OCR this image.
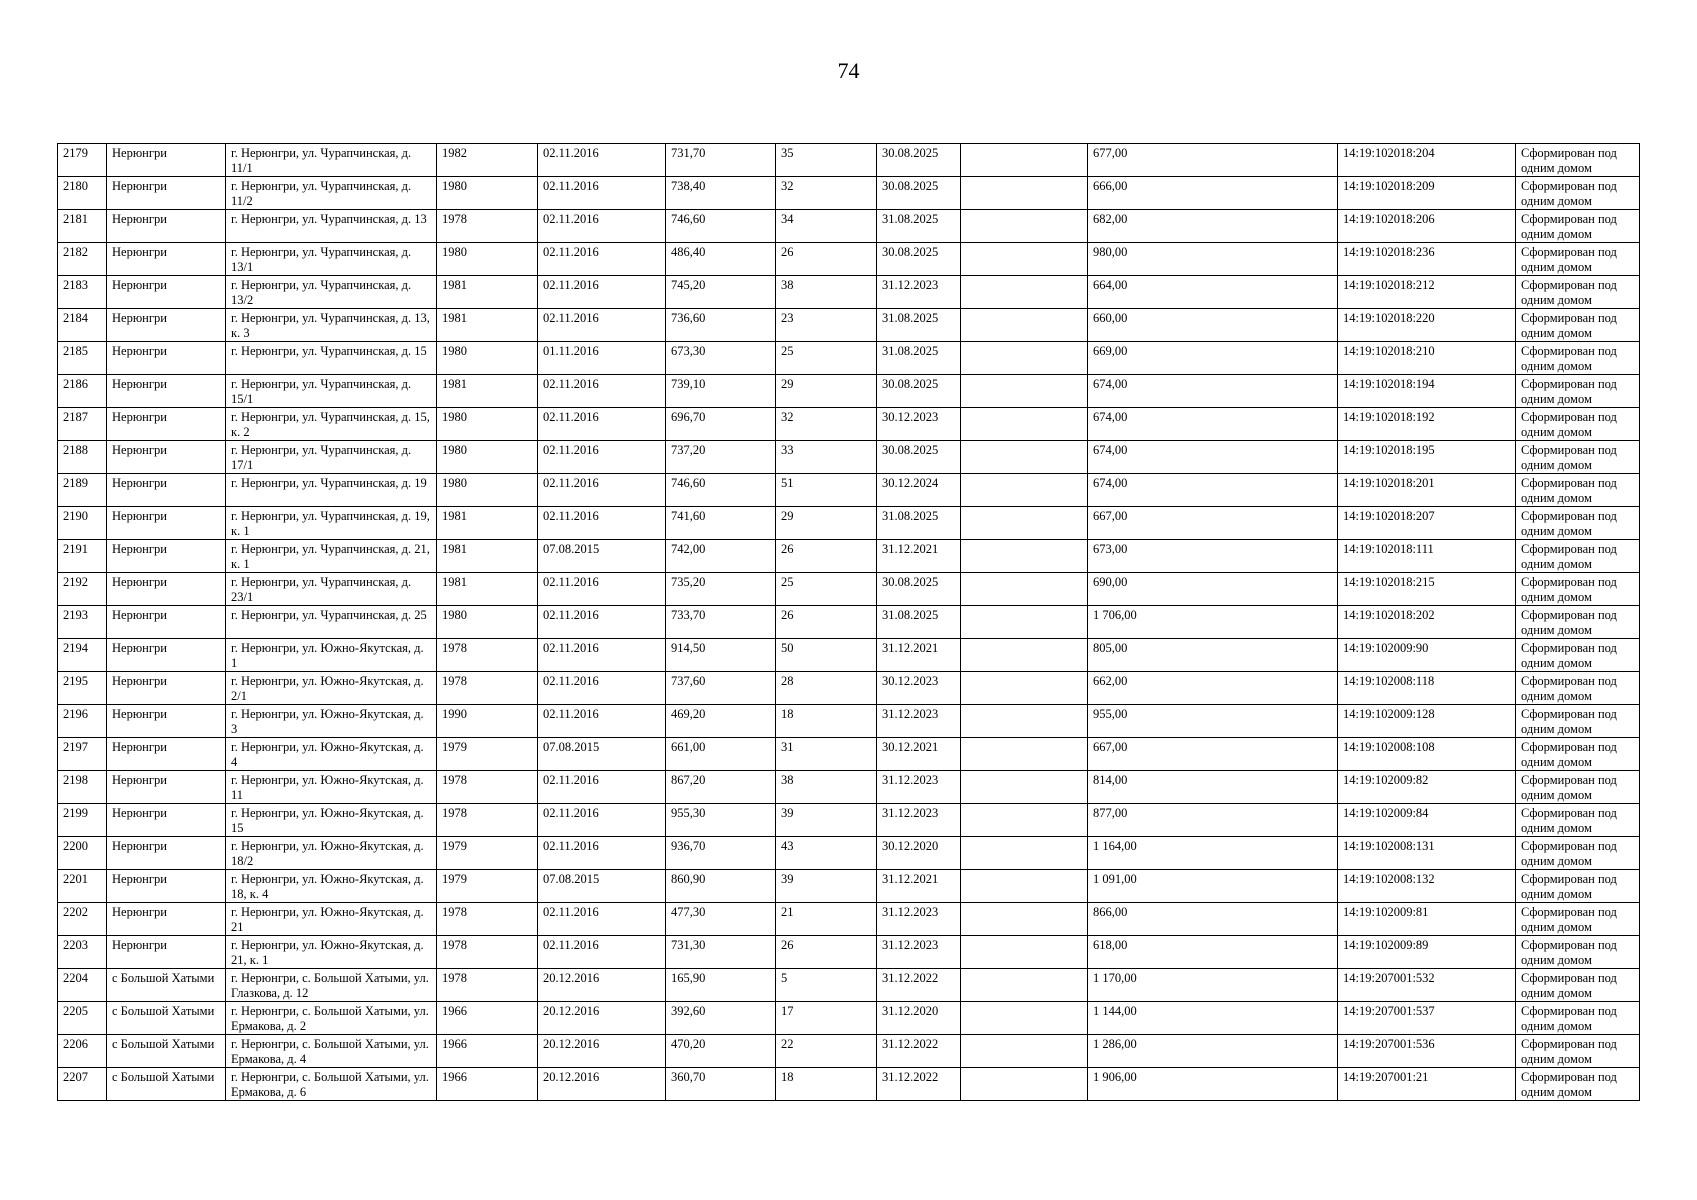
74
2179	Нерюнгри	г. Нерюнгри, ул. Чурапчинская, д. 11/1	1982	02.11.2016	731,70	35	30.08.2025		677,00	14:19:102018:204	Сформирован под одним домом
2180	Нерюнгри	г. Нерюнгри, ул. Чурапчинская, д. 11/2	1980	02.11.2016	738,40	32	30.08.2025		666,00	14:19:102018:209	Сформирован под одним домом
2181	Нерюнгри	г. Нерюнгри, ул. Чурапчинская, д. 13	1978	02.11.2016	746,60	34	31.08.2025		682,00	14:19:102018:206	Сформирован под одним домом
2182	Нерюнгри	г. Нерюнгри, ул. Чурапчинская, д. 13/1	1980	02.11.2016	486,40	26	30.08.2025		980,00	14:19:102018:236	Сформирован под одним домом
2183	Нерюнгри	г. Нерюнгри, ул. Чурапчинская, д. 13/2	1981	02.11.2016	745,20	38	31.12.2023		664,00	14:19:102018:212	Сформирован под одним домом
2184	Нерюнгри	г. Нерюнгри, ул. Чурапчинская, д. 13, к. 3	1981	02.11.2016	736,60	23	31.08.2025		660,00	14:19:102018:220	Сформирован под одним домом
2185	Нерюнгри	г. Нерюнгри, ул. Чурапчинская, д. 15	1980	01.11.2016	673,30	25	31.08.2025		669,00	14:19:102018:210	Сформирован под одним домом
2186	Нерюнгри	г. Нерюнгри, ул. Чурапчинская, д. 15/1	1981	02.11.2016	739,10	29	30.08.2025		674,00	14:19:102018:194	Сформирован под одним домом
2187	Нерюнгри	г. Нерюнгри, ул. Чурапчинская, д. 15, к. 2	1980	02.11.2016	696,70	32	30.12.2023		674,00	14:19:102018:192	Сформирован под одним домом
2188	Нерюнгри	г. Нерюнгри, ул. Чурапчинская, д. 17/1	1980	02.11.2016	737,20	33	30.08.2025		674,00	14:19:102018:195	Сформирован под одним домом
2189	Нерюнгри	г. Нерюнгри, ул. Чурапчинская, д. 19	1980	02.11.2016	746,60	51	30.12.2024		674,00	14:19:102018:201	Сформирован под одним домом
2190	Нерюнгри	г. Нерюнгри, ул. Чурапчинская, д. 19, к. 1	1981	02.11.2016	741,60	29	31.08.2025		667,00	14:19:102018:207	Сформирован под одним домом
2191	Нерюнгри	г. Нерюнгри, ул. Чурапчинская, д. 21, к. 1	1981	07.08.2015	742,00	26	31.12.2021		673,00	14:19:102018:111	Сформирован под одним домом
2192	Нерюнгри	г. Нерюнгри, ул. Чурапчинская, д. 23/1	1981	02.11.2016	735,20	25	30.08.2025		690,00	14:19:102018:215	Сформирован под одним домом
2193	Нерюнгри	г. Нерюнгри, ул. Чурапчинская, д. 25	1980	02.11.2016	733,70	26	31.08.2025		1 706,00	14:19:102018:202	Сформирован под одним домом
2194	Нерюнгри	г. Нерюнгри, ул. Южно-Якутская, д. 1	1978	02.11.2016	914,50	50	31.12.2021		805,00	14:19:102009:90	Сформирован под одним домом
2195	Нерюнгри	г. Нерюнгри, ул. Южно-Якутская, д. 2/1	1978	02.11.2016	737,60	28	30.12.2023		662,00	14:19:102008:118	Сформирован под одним домом
2196	Нерюнгри	г. Нерюнгри, ул. Южно-Якутская, д. 3	1990	02.11.2016	469,20	18	31.12.2023		955,00	14:19:102009:128	Сформирован под одним домом
2197	Нерюнгри	г. Нерюнгри, ул. Южно-Якутская, д. 4	1979	07.08.2015	661,00	31	30.12.2021		667,00	14:19:102008:108	Сформирован под одним домом
2198	Нерюнгри	г. Нерюнгри, ул. Южно-Якутская, д. 11	1978	02.11.2016	867,20	38	31.12.2023		814,00	14:19:102009:82	Сформирован под одним домом
2199	Нерюнгри	г. Нерюнгри, ул. Южно-Якутская, д. 15	1978	02.11.2016	955,30	39	31.12.2023		877,00	14:19:102009:84	Сформирован под одним домом
2200	Нерюнгри	г. Нерюнгри, ул. Южно-Якутская, д. 18/2	1979	02.11.2016	936,70	43	30.12.2020		1 164,00	14:19:102008:131	Сформирован под одним домом
2201	Нерюнгри	г. Нерюнгри, ул. Южно-Якутская, д. 18, к. 4	1979	07.08.2015	860,90	39	31.12.2021		1 091,00	14:19:102008:132	Сформирован под одним домом
2202	Нерюнгри	г. Нерюнгри, ул. Южно-Якутская, д. 21	1978	02.11.2016	477,30	21	31.12.2023		866,00	14:19:102009:81	Сформирован под одним домом
2203	Нерюнгри	г. Нерюнгри, ул. Южно-Якутская, д. 21, к. 1	1978	02.11.2016	731,30	26	31.12.2023		618,00	14:19:102009:89	Сформирован под одним домом
2204	с Большой Хатыми	г. Нерюнгри, с. Большой Хатыми, ул. Глазкова, д. 12	1978	20.12.2016	165,90	5	31.12.2022		1 170,00	14:19:207001:532	Сформирован под одним домом
2205	с Большой Хатыми	г. Нерюнгри, с. Большой Хатыми, ул. Ермакова, д. 2	1966	20.12.2016	392,60	17	31.12.2020		1 144,00	14:19:207001:537	Сформирован под одним домом
2206	с Большой Хатыми	г. Нерюнгри, с. Большой Хатыми, ул. Ермакова, д. 4	1966	20.12.2016	470,20	22	31.12.2022		1 286,00	14:19:207001:536	Сформирован под одним домом
2207	с Большой Хатыми	г. Нерюнгри, с. Большой Хатыми, ул. Ермакова, д. 6	1966	20.12.2016	360,70	18	31.12.2022		1 906,00	14:19:207001:21	Сформирован под одним домом
